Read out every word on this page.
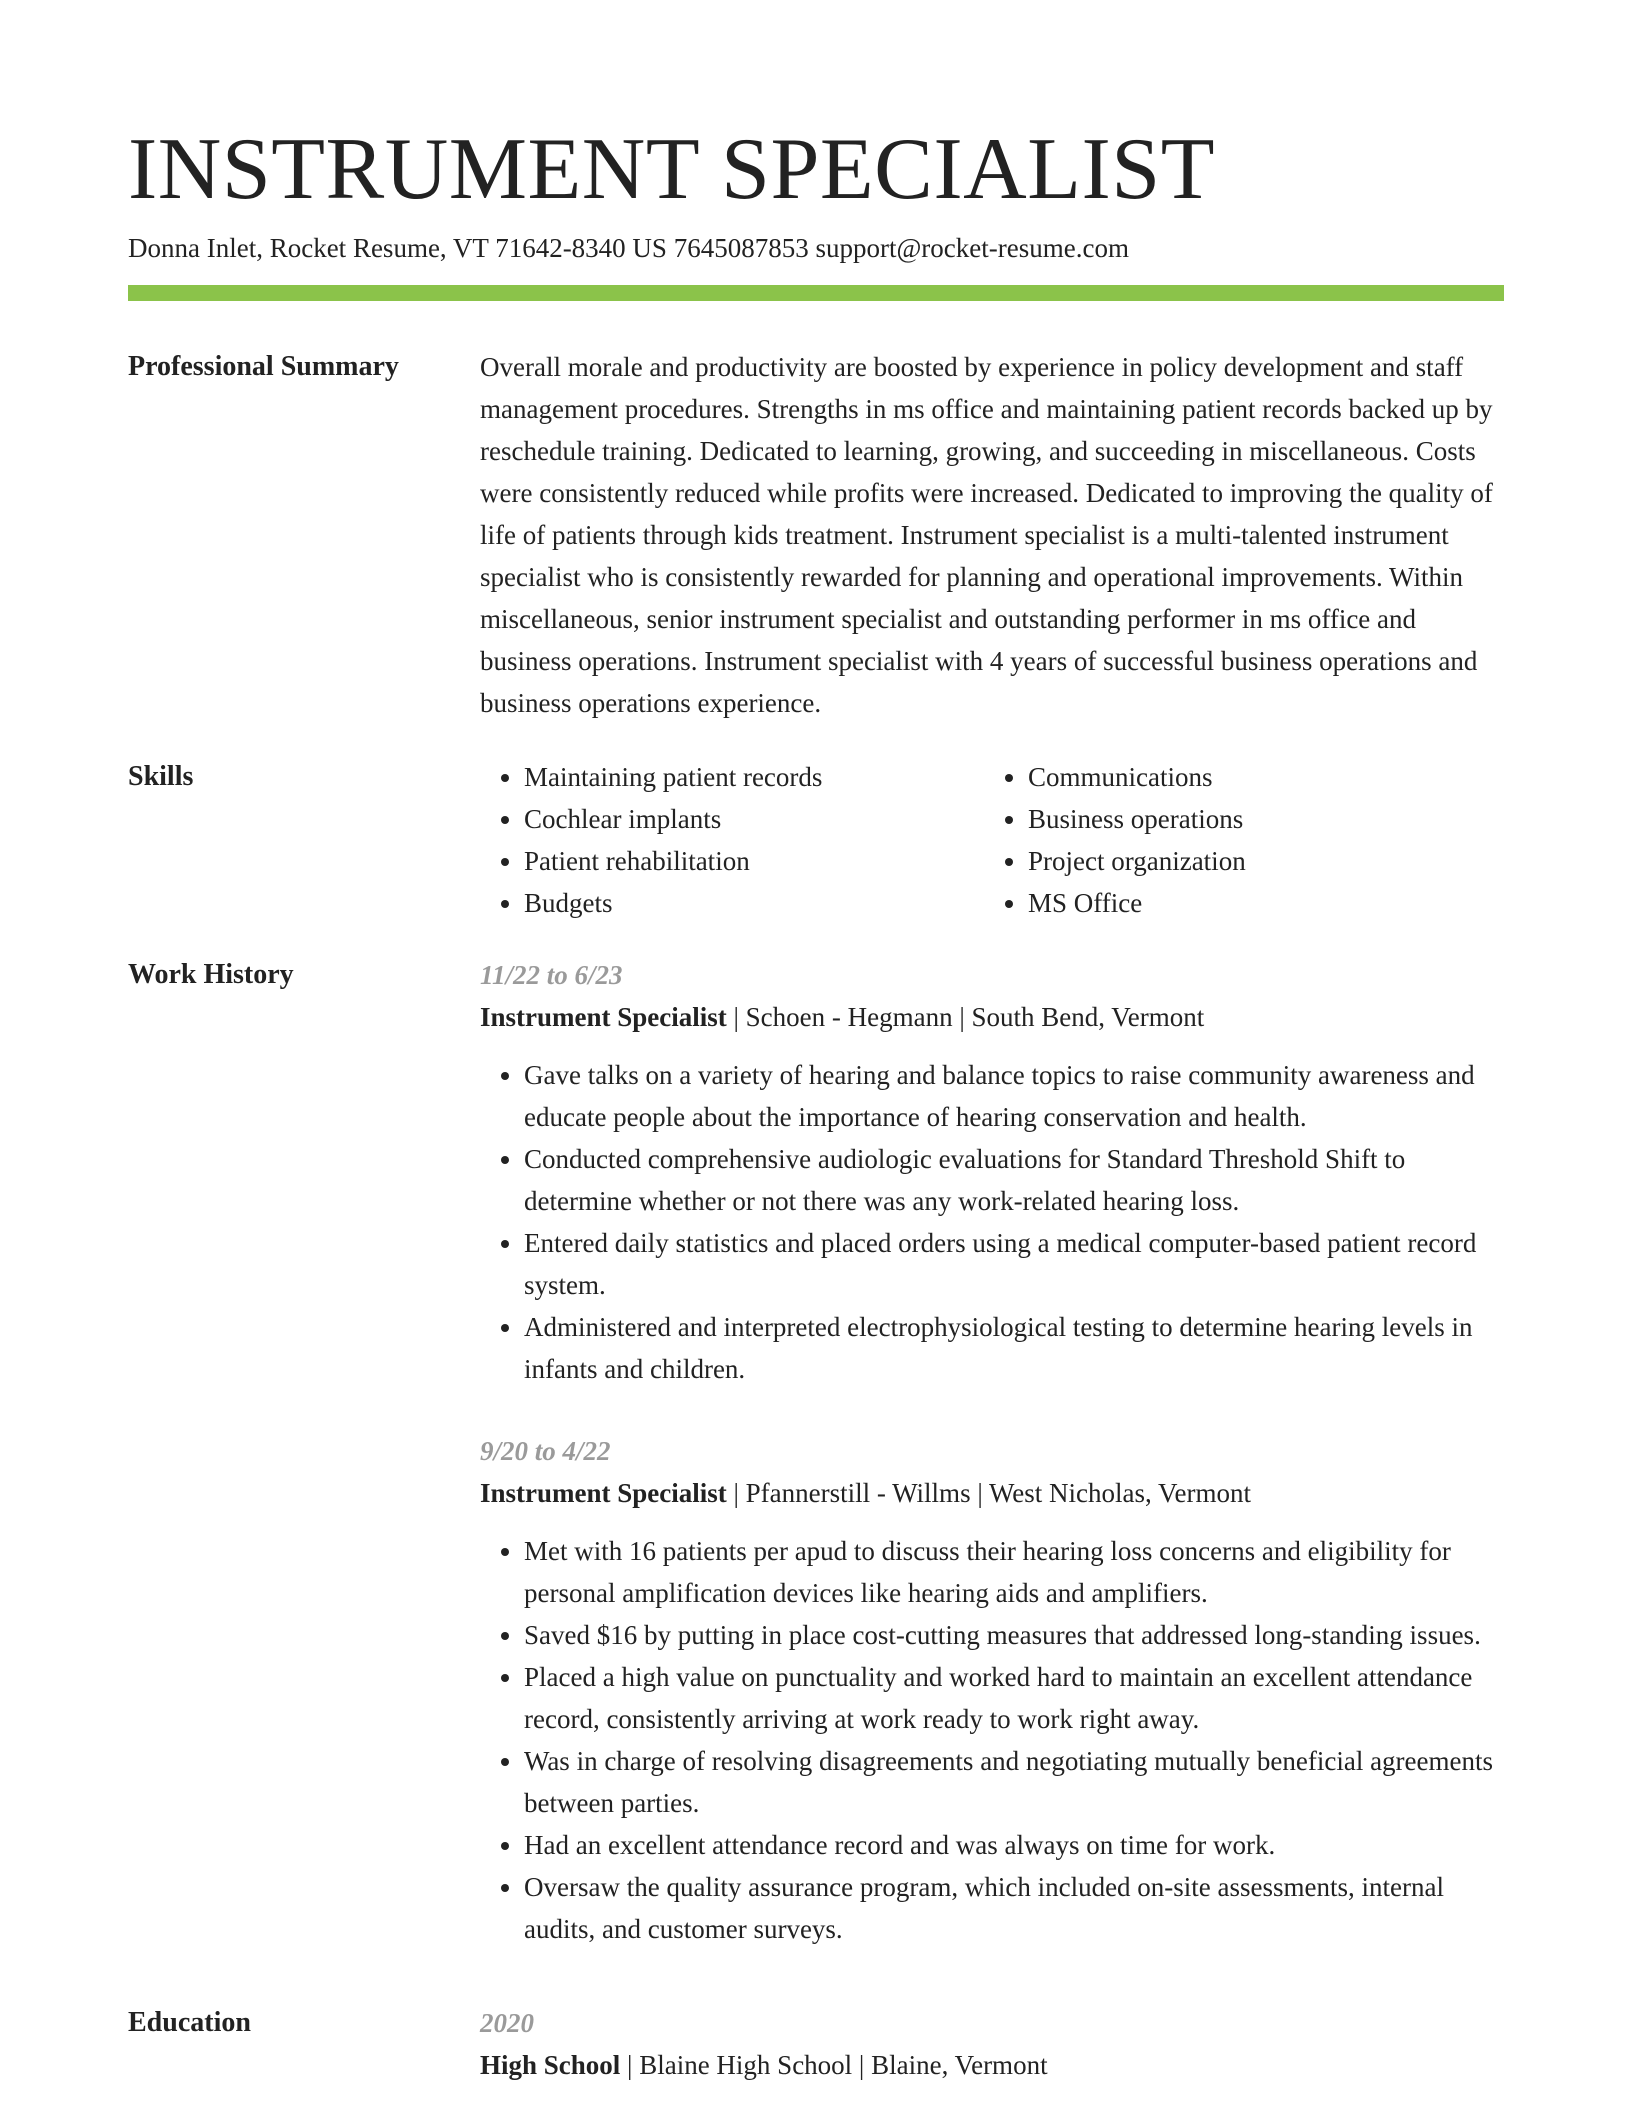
INSTRUMENT SPECIALIST
Donna Inlet, Rocket Resume, VT 71642-8340 US 7645087853 support@rocket-resume.com
Professional Summary	Overall morale and productivity are boosted by experience in policy development and staff management procedures. Strengths in ms office and maintaining patient records backed up by reschedule training. Dedicated to learning, growing, and succeeding in miscellaneous. Costs were consistently reduced while profits were increased. Dedicated to improving the quality of life of patients through kids treatment. Instrument specialist is a multi-talented instrument specialist who is consistently rewarded for planning and operational improvements. Within miscellaneous, senior instrument specialist and outstanding performer in ms office and business operations. Instrument specialist with 4 years of successful business operations and business operations experience.

Skills
•	Maintaining patient records
• Cochlear implants
• Patient rehabilitation
• Budgets
• Communications
• Business operations
• Project organization
• MS Office
Work History	11/22 to 6/23
Instrument Specialist | Schoen - Hegmann | South Bend, Vermont
• Gave talks on a variety of hearing and balance topics to raise community awareness and educate people about the importance of hearing conservation and health.
• Conducted comprehensive audiologic evaluations for Standard Threshold Shift to determine whether or not there was any work-related hearing loss.
• Entered daily statistics and placed orders using a medical computer-based patient record system.
• Administered and interpreted electrophysiological testing to determine hearing levels in infants and children.
9/20 to 4/22
Instrument Specialist | Pfannerstill - Willms | West Nicholas, Vermont
• Met with 16 patients per apud to discuss their hearing loss concerns and eligibility for personal amplification devices like hearing aids and amplifiers.
• Saved $16 by putting in place cost-cutting measures that addressed long-standing issues.
• Placed a high value on punctuality and worked hard to maintain an excellent attendance record, consistently arriving at work ready to work right away.
• Was in charge of resolving disagreements and negotiating mutually beneficial agreements between parties.
• Had an excellent attendance record and was always on time for work.
• Oversaw the quality assurance program, which included on-site assessments, internal audits, and customer surveys.
Education	2020
High School | Blaine High School | Blaine, Vermont
